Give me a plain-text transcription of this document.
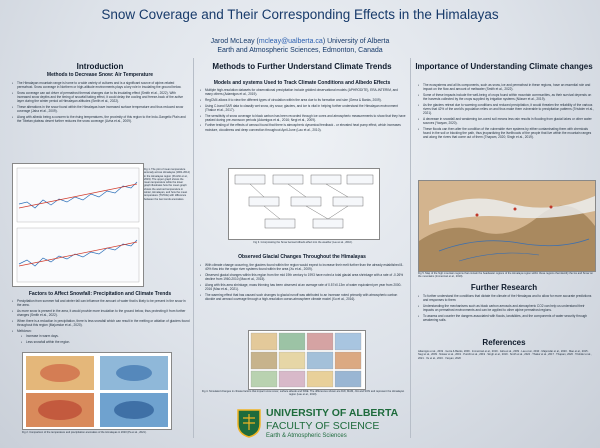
Snow Coverage and Their Corresponding Effects in the Himalayas
Jarod McLeay (mcleay@ualberta.ca) University of Alberta
Earth and Atmospheric Sciences, Edmonton, Canada
Introduction
Methods to Decrease Snow: Air Temperature
▪ The Himalayan mountain range is home to a wide variety of cultures and is a significant source of alpine-related permafrost. Snow coverage in Northern or high-altitude environments plays a key role in insulating the ground below.
▪ Snow coverage can act driver of permafrost thermal changes due to its insulating effect (Smith et al., 2022). With increased snow depths and the timing of snowfall taking effect, it could delay the cooling and freeze-back of the active layer during the winter period at Himalayan altitudes (Smith et al., 2022).
▪ These alterations in the snow found within the Himalayas have increased surface temperature and thus reduced snow coverage (Jaha et al., 2009).
▪ Along with albedo being a concern to the rising temperatures, the proximity of this region to the Indo-Gangetic Plain and the Tibetan plateau desert further reduces the snow coverage (Uzha et al., 2009).
Fig 1. The plot of mean temperature anomaly across Himalayas (1901-2014) in the Himalayas region (Purohit et al., 2019). The upper graph shows the mean temperature while the lower graph illustrates how the mean graph shows the warmed temperature in winter, Himalayan, and how the mean temperature (TIVICE) with difference between the two trends anomalies.
Factors to Affect Snowfall: Precipitation and Climate Trends
▪ Precipitation from summer fall and winter fall can influence the amount of water that is likely to be present in the snow in the area.
▪ As more snow is present in the area, it would provide more insulation to the ground below, thus protecting it from further changes (Smith et al., 2022).
▪ When there is a reduction in precipitation, there is less snowfall which can result in the melting or ablation of glaciers found throughout this region (Majumdar et al., 2020).
▪ Meltdown:
▪ Increase in warm days.
▪ Less snowfall within the region.
Fig 2. Comparison of the temperature and precipitation anomalies of the Himalayas in 2020 (Pa et al., 2021).
Methods to Further Understand Climate Trends
Models and systems Used to Track Climate Conditions and Albedo Effects
▪ Multiple high-resolution datasets for observational precipitation include gridded observational models (APHRODITE), ERA-INTERIM, and many others (Adamigos et al., 2019).
▪ RegCM4 allows it to view the different types of circulation within the area due to its formation and size (Gerra & Banks, 2009).
▪ Using C-band SAR data to classify wet snow, dry snow, glaciers, and ice is vital in helping further understand the Himalayan environment (Thakur et al., 2017).
▪ The sensitivity of snow coverage to black carbon has been recorded through ice cores and atmospheric measurements to show that they have peaked during pre-monsoon periods (Adamigos et al., 2016; Negi et al., 2009).
▪ Further testing of the effects of aerosol found that there is atmospheric dynamical feedback - or elevated heat pump effect, which increases moisture, cloudiness and deep convection throughout April-June (Lau et al., 2010).
Fig 3. Incorporating the Snow Aerosol Albedo effect into the weather (Lau et al., 2010).
Observed Glacial Changes Throughout the Himalayas
▪ With climate change occurring, the glaciers found within the region would expect to increase their melt further than the already established 8-40% flow into the major river systems found within the area (Xu et al., 2009).
▪ Observed glacial changes within this region from the mid 19th century to 1993 have noted a total glacial area shrinkage with a rate of -0.26% decline from 1960-2010 (Mao et al., 2015).
▪ Along with this area shrinkage, mass thinning has been observed at an average rate of 0.57±0.13m of water equivalent per year from 2000-2016 (Mao et al., 2021).
▪ The warming effect that has caused such changes to glacial runoff was attributed to an increase noted primarily with atmospheric carbon dioxide and aerosol coverage through a high-resolution ocean-atmosphere climate model (Xu et al., 2016).
Fig 4. Simulated changes in climate factors that impact snow cover, surface albedo and SWE. The differences shown are DJF, MAM, JJA and SON and represent the Himalayan region (Lau et al., 2010).
UNIVERSITY OF ALBERTA
FACULTY OF SCIENCE
Earth & Atmospheric Sciences
Importance of Understanding Climate changes
▪ The ecosystems and all its components, such as snow, ice and permafrost in these regions, have an essential role and impact on the flow and amount of meltwater (Smith et al., 2022).
▪ Some of these impacts include the well-being of crops found within mountain communities, as their survival depends on the harvests collected by the crops supplied by irrigation systems (Nüsser et al., 2019).
▪ As the glaciers retreat due to warming conditions and reduced precipitation, it would threaten the reliability of the various rivers that 42% of the world's population relies on and thus make them vulnerable to precipitation patterns (Trisbder et al., 2021).
▪ A decrease in snowfall and weakening ice-cored soil means less rain results in flooding from glacial lakes or other water sources (Yaoyan, 2020).
▪ These floods can then alter the condition of the vulnerable river systems by either contaminating them with chemicals found in the soil or blocking the path, thus jeopardizing the livelihoods of the people that live within the mountain ranges and along the rivers that come out of them (Thapam, 2020; Singh et al., 2019).
Fig 5. Map of the high mountain regions that contain the headwater regions of the Himalaya region within these regions that identify the Ice and Snow on the mountains (Immerzeel et al., 2019).
Further Research
▪ To further understand the conditions that dictate the climate of the Himalayas and to allow for more accurate predictions and responses to them:
▪ Understanding the mechanisms such as black carbon aerosols and atmospheric CO2 can help us understand their impacts on permafrost environments and can be applied to other alpine permafrost regions.
▪ To assess and counter the dangers associated with floods, landslides, and the components of water security through weakening soils.
References
Adamigos et al., 2019 · Gerra & Banks, 2009 · Immerzeel et al., 2019 · Jaha et al., 2009 · Lau et al., 2010 · Majumdar et al., 2020 · Mao et al., 2015 · Negi et al., 2009 · Nüsser et al., 2019 · Purohit et al., 2019 · Singh et al., 2019 · Smith et al., 2022 · Thakur et al., 2017 · Thapam, 2020 · Trisbder et al., 2021 · Xu et al., 2016 · Yaoyan, 2020
